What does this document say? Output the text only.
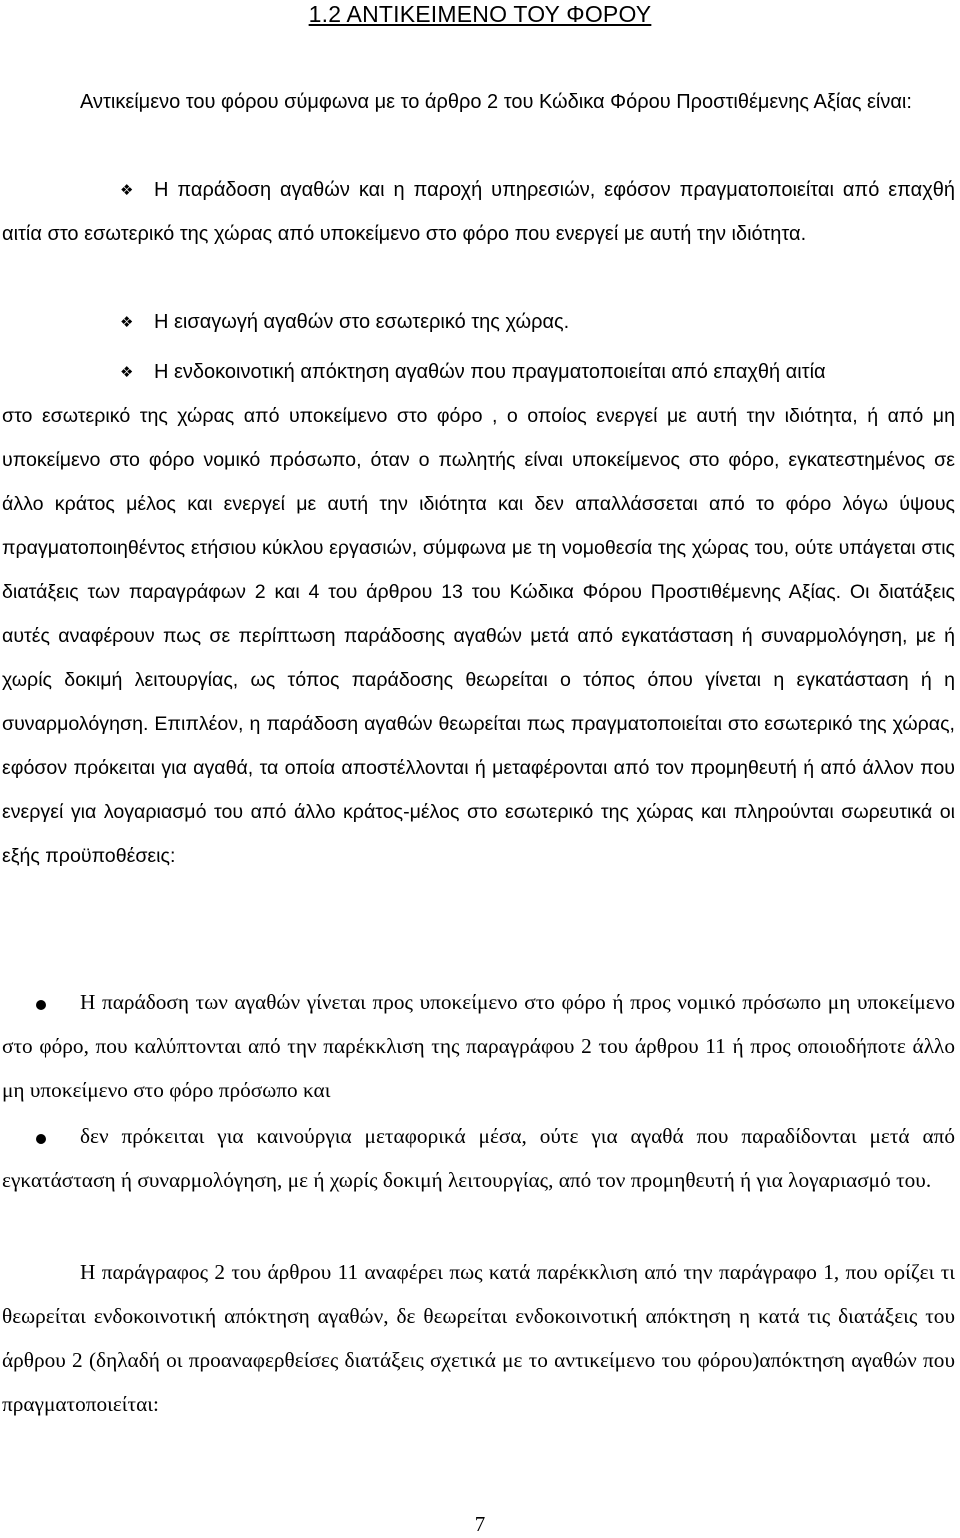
1.2 ΑΝΤΙΚΕΙΜΕΝΟ ΤΟΥ ΦΟΡΟΥ

Αντικείμενο του φόρου σύμφωνα με το άρθρο 2 του Κώδικα Φόρου Προστιθέμενης Αξίας είναι:

❖ Η παράδοση αγαθών και η παροχή υπηρεσιών, εφόσον πραγματοποιείται από επαχθή αιτία στο εσωτερικό της χώρας από υποκείμενο στο φόρο που ενεργεί με αυτή την ιδιότητα.

❖ Η εισαγωγή αγαθών στο εσωτερικό της χώρας.

❖ Η ενδοκοινοτική απόκτηση αγαθών που πραγματοποιείται από επαχθή αιτία

στο εσωτερικό της χώρας από υποκείμενο στο φόρο , ο οποίος ενεργεί με αυτή την ιδιότητα, ή από μη υποκείμενο στο φόρο νομικό πρόσωπο, όταν ο πωλητής είναι υποκείμενος στο φόρο, εγκατεστημένος σε άλλο κράτος μέλος και ενεργεί με αυτή την ιδιότητα και δεν απαλλάσσεται από το φόρο λόγω ύψους πραγματοποιηθέντος ετήσιου κύκλου εργασιών, σύμφωνα με τη νομοθεσία της χώρας του, ούτε υπάγεται στις διατάξεις των παραγράφων 2 και 4 του άρθρου 13 του Κώδικα Φόρου Προστιθέμενης Αξίας. Οι διατάξεις αυτές αναφέρουν πως σε περίπτωση παράδοσης αγαθών μετά από εγκατάσταση ή συναρμολόγηση, με ή χωρίς δοκιμή λειτουργίας, ως τόπος παράδοσης θεωρείται ο τόπος όπου γίνεται η εγκατάσταση ή η συναρμολόγηση. Επιπλέον, η παράδοση αγαθών θεωρείται πως πραγματοποιείται στο εσωτερικό της χώρας, εφόσον πρόκειται για αγαθά, τα οποία αποστέλλονται ή μεταφέρονται από τον προμηθευτή ή από άλλον που ενεργεί για λογαριασμό του από άλλο κράτος-μέλος στο εσωτερικό της χώρας και πληρούνται σωρευτικά οι εξής προϋποθέσεις:

Η παράδοση των αγαθών γίνεται προς υποκείμενο στο φόρο ή προς νομικό πρόσωπο μη υποκείμενο στο φόρο, που καλύπτονται από την παρέκκλιση της παραγράφου 2 του άρθρου 11 ή προς οποιοδήποτε άλλο μη υποκείμενο στο φόρο πρόσωπο και

δεν πρόκειται για καινούργια μεταφορικά μέσα, ούτε για αγαθά που παραδίδονται μετά από εγκατάσταση ή συναρμολόγηση, με ή χωρίς δοκιμή λειτουργίας, από τον προμηθευτή ή για λογαριασμό του.

Η παράγραφος 2 του άρθρου 11 αναφέρει πως κατά παρέκκλιση από την παράγραφο 1, που ορίζει τι θεωρείται ενδοκοινοτική απόκτηση αγαθών, δε θεωρείται ενδοκοινοτική απόκτηση η κατά τις διατάξεις του άρθρου 2 (δηλαδή οι προαναφερθείσες διατάξεις σχετικά με το αντικείμενο του φόρου)απόκτηση αγαθών που πραγματοποιείται:

7
